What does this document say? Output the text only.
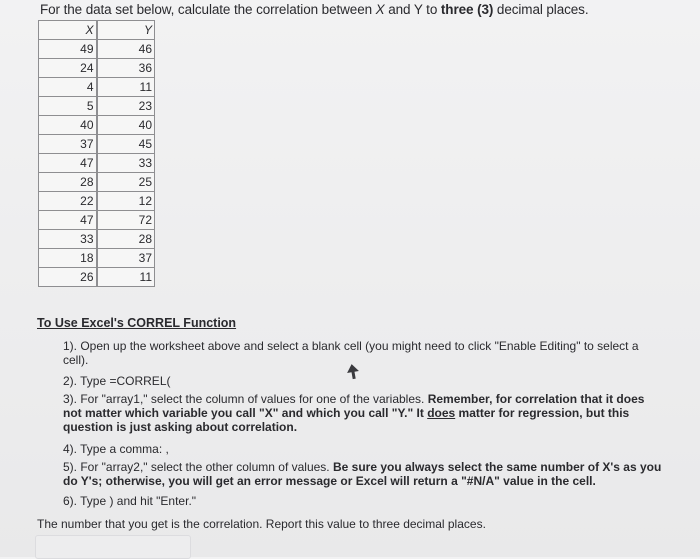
For the data set below, calculate the correlation between X and Y to three (3) decimal places.
X	Y
49	46
24	36
4	11
5	23
40	40
37	45
47	33
28	25
22	12
47	72
33	28
18	37
26	11
To Use Excel's CORREL Function
1). Open up the worksheet above and select a blank cell (you might need to click "Enable Editing" to select a cell).
2). Type =CORREL(
3). For "array1," select the column of values for one of the variables. Remember, for correlation that it does not matter which variable you call "X" and which you call "Y." It does matter for regression, but this question is just asking about correlation.
4). Type a comma: ,
5). For "array2," select the other column of values. Be sure you always select the same number of X's as you do Y's; otherwise, you will get an error message or Excel will return a "#N/A" value in the cell.
6). Type ) and hit "Enter."
The number that you get is the correlation. Report this value to three decimal places.
